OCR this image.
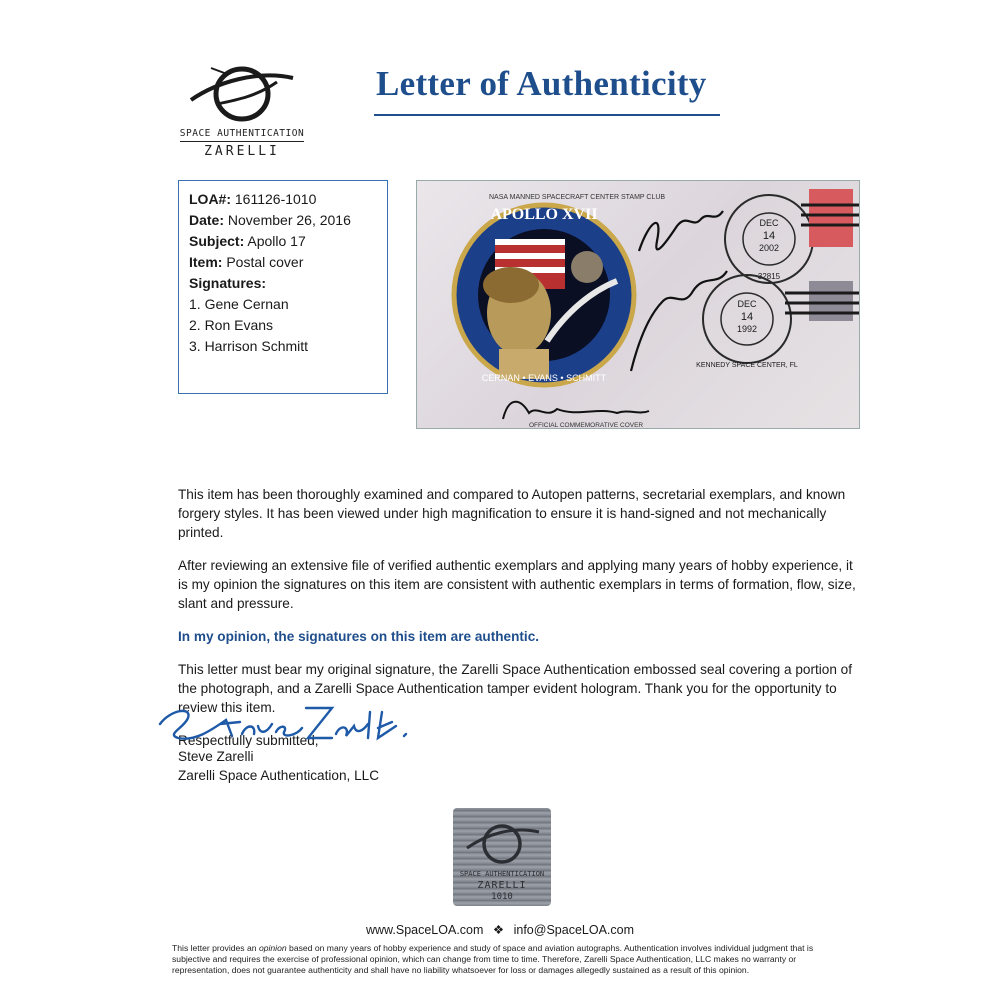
SPACE AUTHENTICATION
ZARELLI
Letter of Authenticity
LOA#: 161126-1010
Date: November 26, 2016
Subject: Apollo 17
Item: Postal cover
Signatures:
1. Gene Cernan
2. Ron Evans
3. Harrison Schmitt
NASA MANNED SPACECRAFT CENTER STAMP CLUB
APOLLO XVII
CERNAN • EVANS • SCHMITT
DEC
14
2002
32815
DEC
14
1992
KENNEDY SPACE CENTER, FL
OFFICIAL COMMEMORATIVE COVER

This item has been thoroughly examined and compared to Autopen patterns, secretarial exemplars, and known forgery styles. It has been viewed under high magnification to ensure it is hand-signed and not mechanically printed.

After reviewing an extensive file of verified authentic exemplars and applying many years of hobby experience, it is my opinion the signatures on this item are consistent with authentic exemplars in terms of formation, flow, size, slant and pressure.

In my opinion, the signatures on this item are authentic.

This letter must bear my original signature, the Zarelli Space Authentication embossed seal covering a portion of the photograph, and a Zarelli Space Authentication tamper evident hologram. Thank you for the opportunity to review this item.

Respectfully submitted,

Steve Zarelli
Zarelli Space Authentication, LLC
SPACE AUTHENTICATION
ZARELLI
1010
www.SpaceLOA.com ❖ info@SpaceLOA.com
This letter provides an opinion based on many years of hobby experience and study of space and aviation autographs. Authentication involves individual judgment that is subjective and requires the exercise of professional opinion, which can change from time to time. Therefore, Zarelli Space Authentication, LLC makes no warranty or representation, does not guarantee authenticity and shall have no liability whatsoever for loss or damages allegedly sustained as a result of this opinion.
